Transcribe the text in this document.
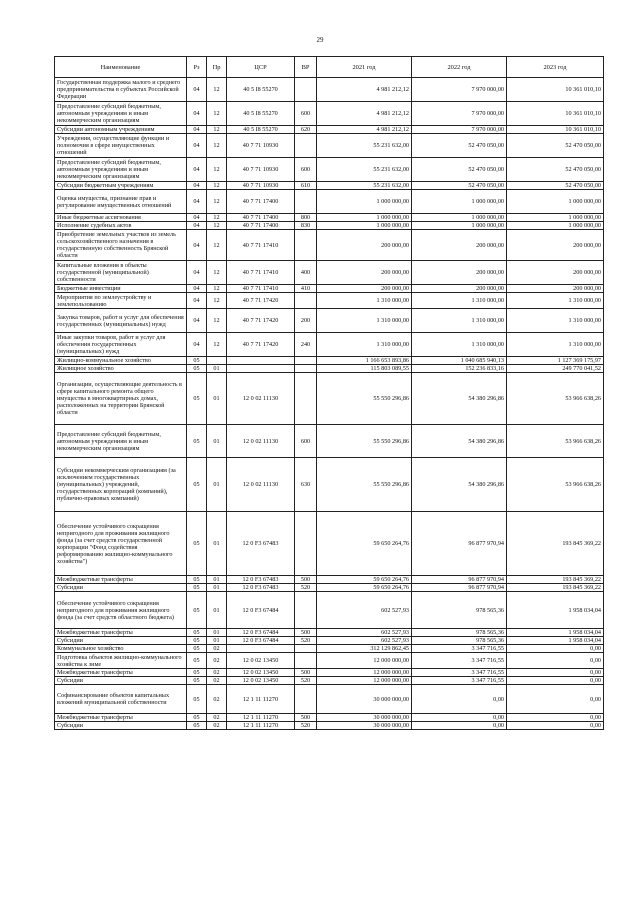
29
Наименование	Рз	Пр	ЦСР	ВР	2021 год	2022 год	2023 год
Государственная поддержка малого и среднего предпринимательства в субъектах Российской Федерации	04	12	40 5 I8 55270		4 981 212,12	7 970 000,00	10 361 010,10
Предоставление субсидий бюджетным, автономным учреждениям и иным некоммерческим организациям	04	12	40 5 I8 55270	600	4 981 212,12	7 970 000,00	10 361 010,10
Субсидии автономным учреждениям	04	12	40 5 I8 55270	620	4 981 212,12	7 970 000,00	10 361 010,10
Учреждения, осуществляющие функции и полномочия в сфере имущественных отношений	04	12	40 7 71 10930		55 231 632,00	52 470 050,00	52 470 050,00
Предоставление субсидий бюджетным, автономным учреждениям и иным некоммерческим организациям	04	12	40 7 71 10930	600	55 231 632,00	52 470 050,00	52 470 050,00
Субсидии бюджетным учреждениям	04	12	40 7 71 10930	610	55 231 632,00	52 470 050,00	52 470 050,00
Оценка имущества, признание прав и регулирование имущественных отношений	04	12	40 7 71 17400		1 000 000,00	1 000 000,00	1 000 000,00
Иные бюджетные ассигнования	04	12	40 7 71 17400	800	1 000 000,00	1 000 000,00	1 000 000,00
Исполнение судебных актов	04	12	40 7 71 17400	830	1 000 000,00	1 000 000,00	1 000 000,00
Приобретение земельных участков из земель сельскохозяйственного назначения в государственную собственность Брянской области	04	12	40 7 71 17410		200 000,00	200 000,00	200 000,00
Капитальные вложения в объекты государственной (муниципальной) собственности	04	12	40 7 71 17410	400	200 000,00	200 000,00	200 000,00
Бюджетные инвестиции	04	12	40 7 71 17410	410	200 000,00	200 000,00	200 000,00
Мероприятия по землеустройству и землепользованию	04	12	40 7 71 17420		1 310 000,00	1 310 000,00	1 310 000,00
Закупка товаров, работ и услуг для обеспечения государственных (муниципальных) нужд	04	12	40 7 71 17420	200	1 310 000,00	1 310 000,00	1 310 000,00
Иные закупки товаров, работ и услуг для обеспечения государственных (муниципальных) нужд	04	12	40 7 71 17420	240	1 310 000,00	1 310 000,00	1 310 000,00
Жилищно-коммунальное хозяйство	05				1 166 653 893,86	1 040 685 940,13	1 127 369 175,97
Жилищное хозяйство	05	01			115 803 089,55	152 236 833,16	249 770 041,52
Организации, осуществляющие деятельность в сфере капитального ремонта общего имущества в многоквартирных домах, расположенных на территории Брянской области	05	01	12 0 02 11130		55 550 296,86	54 380 296,86	53 966 638,26
Предоставление субсидий бюджетным, автономным учреждениям и иным некоммерческим организациям	05	01	12 0 02 11130	600	55 550 296,86	54 380 296,86	53 966 638,26
Субсидии некоммерческим организациям (за исключением государственных (муниципальных) учреждений, государственных корпораций (компаний), публично-правовых компаний)	05	01	12 0 02 11130	630	55 550 296,86	54 380 296,86	53 966 638,26
Обеспечение устойчивого сокращения непригодного для проживания жилищного фонда (за счет средств государственной корпорации "Фонд содействия реформированию жилищно-коммунального хозяйства")	05	01	12 0 F3 67483		59 650 264,76	96 877 970,94	193 845 369,22
Межбюджетные трансферты	05	01	12 0 F3 67483	500	59 650 264,76	96 877 970,94	193 845 369,22
Субсидии	05	01	12 0 F3 67483	520	59 650 264,76	96 877 970,94	193 845 369,22
Обеспечение устойчивого сокращения непригодного для проживания жилищного фонда (за счет средств областного бюджета)	05	01	12 0 F3 67484		602 527,93	978 565,36	1 958 034,04
Межбюджетные трансферты	05	01	12 0 F3 67484	500	602 527,93	978 565,36	1 958 034,04
Субсидии	05	01	12 0 F3 67484	520	602 527,93	978 565,36	1 958 034,04
Коммунальное хозяйство	05	02			312 129 862,45	3 347 716,55	0,00
Подготовка объектов жилищно-коммунального хозяйства к зиме	05	02	12 0 02 13450		12 000 000,00	3 347 716,55	0,00
Межбюджетные трансферты	05	02	12 0 02 13450	500	12 000 000,00	3 347 716,55	0,00
Субсидии	05	02	12 0 02 13450	520	12 000 000,00	3 347 716,55	0,00
Софинансирование объектов капитальных вложений муниципальной собственности	05	02	12 1 11 11270		30 000 000,00	0,00	0,00
Межбюджетные трансферты	05	02	12 1 11 11270	500	30 000 000,00	0,00	0,00
Субсидии	05	02	12 1 11 11270	520	30 000 000,00	0,00	0,00
